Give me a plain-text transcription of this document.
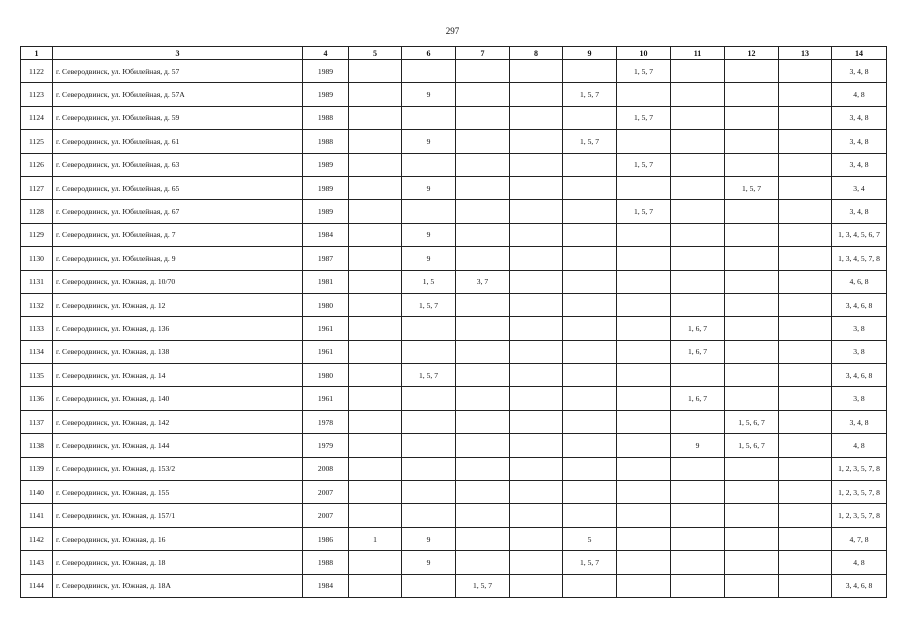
297
1	3	4	5	6	7	8	9	10	11	12	13	14
1122	г. Северодвинск, ул. Юбилейная, д. 57	1989						1, 5, 7				3, 4, 8
1123	г. Северодвинск, ул. Юбилейная, д. 57А	1989		9			1, 5, 7					4, 8
1124	г. Северодвинск, ул. Юбилейная, д. 59	1988						1, 5, 7				3, 4, 8
1125	г. Северодвинск, ул. Юбилейная, д. 61	1988		9			1, 5, 7					3, 4, 8
1126	г. Северодвинск, ул. Юбилейная, д. 63	1989						1, 5, 7				3, 4, 8
1127	г. Северодвинск, ул. Юбилейная, д. 65	1989		9						1, 5, 7		3, 4
1128	г. Северодвинск, ул. Юбилейная, д. 67	1989						1, 5, 7				3, 4, 8
1129	г. Северодвинск, ул. Юбилейная, д. 7	1984		9								1, 3, 4, 5, 6, 7
1130	г. Северодвинск, ул. Юбилейная, д. 9	1987		9								1, 3, 4, 5, 7, 8
1131	г. Северодвинск, ул. Южная, д. 10/70	1981		1, 5	3, 7							4, 6, 8
1132	г. Северодвинск, ул. Южная, д. 12	1980		1, 5, 7								3, 4, 6, 8
1133	г. Северодвинск, ул. Южная, д. 136	1961							1, 6, 7			3, 8
1134	г. Северодвинск, ул. Южная, д. 138	1961							1, 6, 7			3, 8
1135	г. Северодвинск, ул. Южная, д. 14	1980		1, 5, 7								3, 4, 6, 8
1136	г. Северодвинск, ул. Южная, д. 140	1961							1, 6, 7			3, 8
1137	г. Северодвинск, ул. Южная, д. 142	1978								1, 5, 6, 7		3, 4, 8
1138	г. Северодвинск, ул. Южная, д. 144	1979							9	1, 5, 6, 7		4, 8
1139	г. Северодвинск, ул. Южная, д. 153/2	2008										1, 2, 3, 5, 7, 8
1140	г. Северодвинск, ул. Южная, д. 155	2007										1, 2, 3, 5, 7, 8
1141	г. Северодвинск, ул. Южная, д. 157/1	2007										1, 2, 3, 5, 7, 8
1142	г. Северодвинск, ул. Южная, д. 16	1986	1	9			5					4, 7, 8
1143	г. Северодвинск, ул. Южная, д. 18	1988		9			1, 5, 7					4, 8
1144	г. Северодвинск, ул. Южная, д. 18А	1984			1, 5, 7							3, 4, 6, 8
